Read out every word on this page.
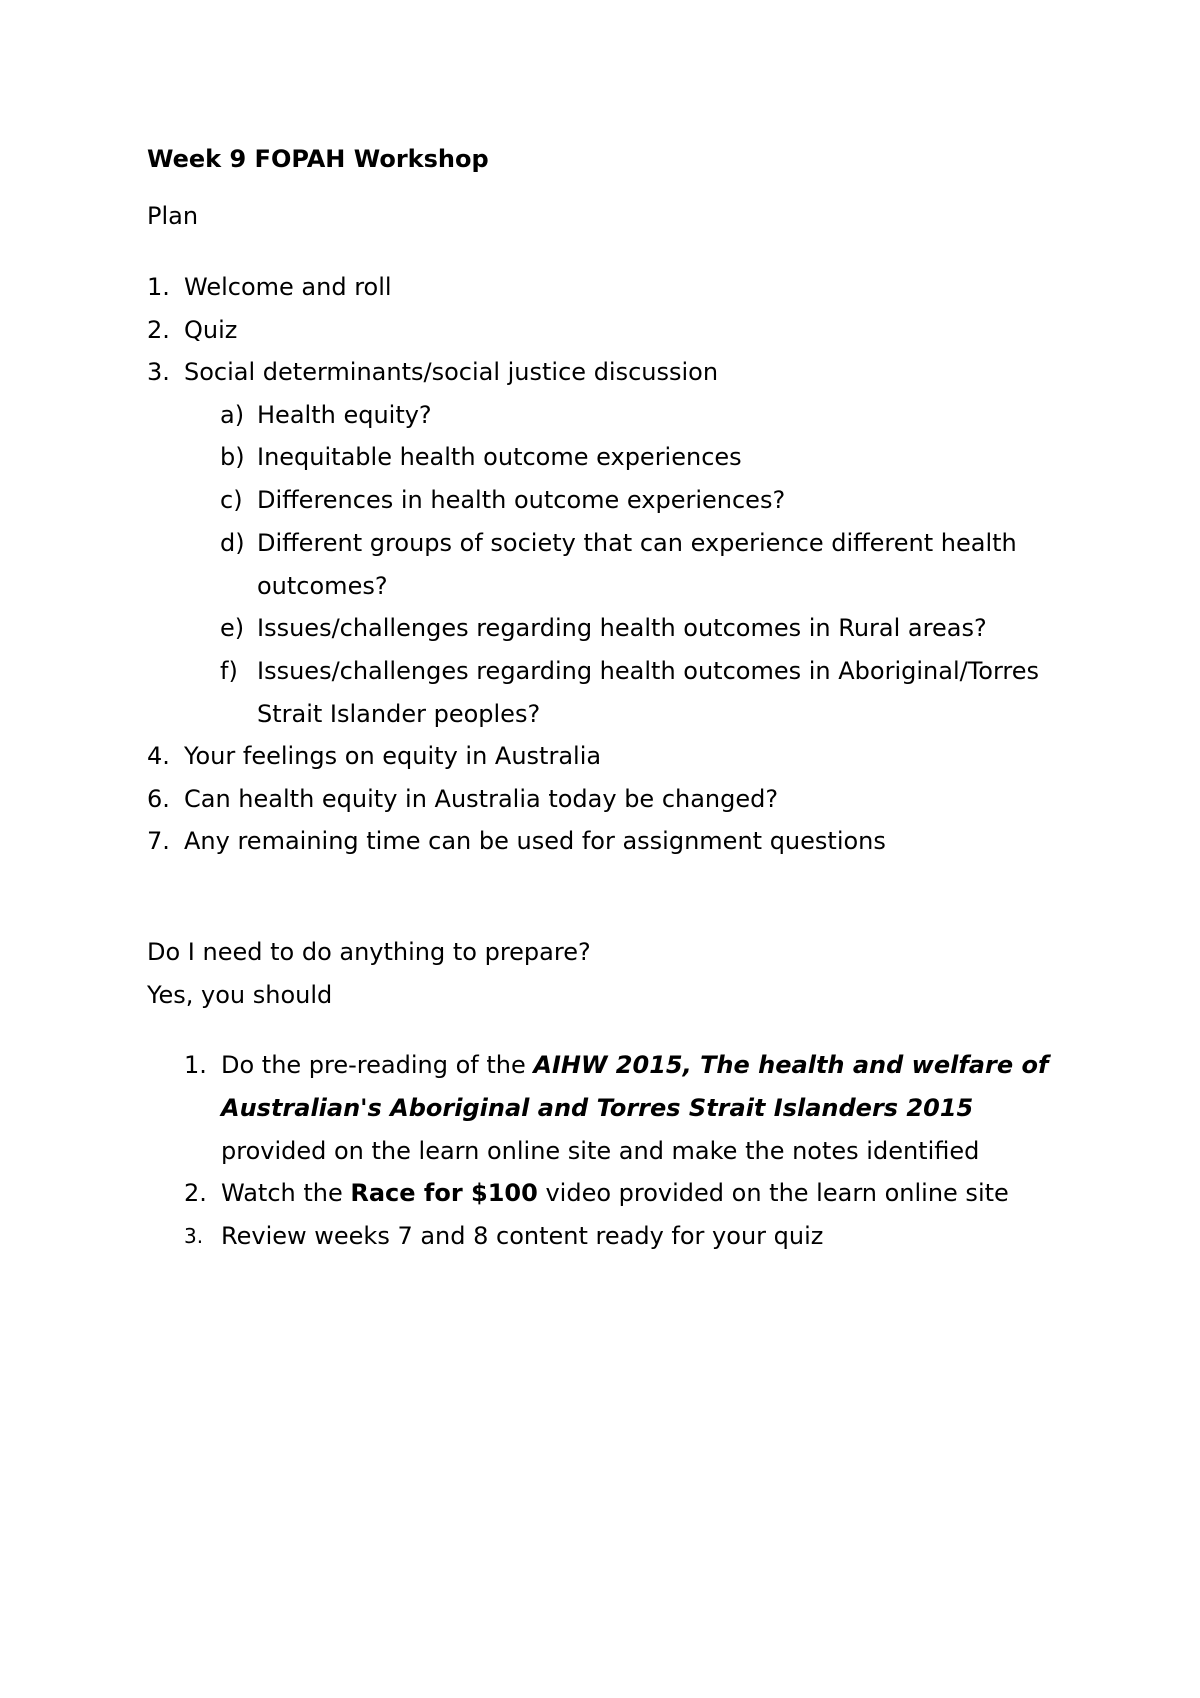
Week 9 FOPAH Workshop
Plan
1. Welcome and roll
2. Quiz
3. Social determinants/social justice discussion
a) Health equity?
b) Inequitable health outcome experiences
c) Differences in health outcome experiences?
d) Different groups of society that can experience different health
outcomes?
e) Issues/challenges regarding health outcomes in Rural areas?
f) Issues/challenges regarding health outcomes in Aboriginal/Torres
Strait Islander peoples?
4. Your feelings on equity in Australia
6. Can health equity in Australia today be changed?
7. Any remaining time can be used for assignment questions
Do I need to do anything to prepare?
Yes, you should
1. Do the pre-reading of the AIHW 2015, The health and welfare of
Australian's Aboriginal and Torres Strait Islanders 2015
provided on the learn online site and make the notes identified
2. Watch the Race for $100 video provided on the learn online site
3. Review weeks 7 and 8 content ready for your quiz
